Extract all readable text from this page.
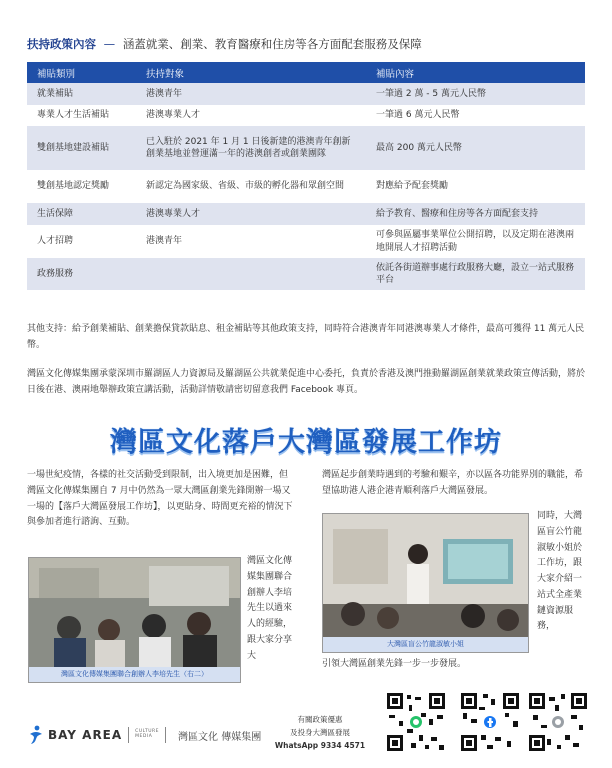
扶持政策內容 — 涵蓋就業、創業、教育醫療和住房等各方面配套服務及保障
補貼類別	扶持對象	補貼內容
就業補貼	港澳青年	一筆過 2 萬 - 5 萬元人民幣
專業人才生活補貼	港澳專業人才	一筆過 6 萬元人民幣
雙創基地建設補貼	已入駐於 2021 年 1 月 1 日後新建的港澳青年創新創業基地並營運滿一年的港澳創者或創業團隊	最高 200 萬元人民幣
雙創基地認定獎勵	新認定為國家級、省級、市級的孵化器和眾創空間	對應給予配套獎勵
生活保障	港澳專業人才	給予教育、醫療和住房等各方面配套支持
人才招聘	港澳青年	可參與區屬事業單位公開招聘，以及定期在港澳兩地開展人才招聘活動
政務服務		依託各街道辦事處行政服務大廳，設立一站式服務平台

其他支持：給予創業補貼、創業擔保貸款貼息、租金補貼等其他政策支持，同時符合港澳青年同港澳專業人才條件，最高可獲得 11 萬元人民幣。

灣區文化傳媒集團承蒙深圳市羅湖區人力資源局及羅湖區公共就業促進中心委托，負責於香港及澳門推動羅湖區創業就業政策宣傳活動，將於日後在港、澳兩地舉辦政策宣講活動，活動詳情敬請密切留意我們 Facebook 專頁。

灣區文化落戶大灣區發展工作坊

一場世紀疫情，各樣的社交活動受到限制，出入境更加是困難，但灣區文化傳媒集團自 7 月中仍然為一眾大灣區創業先鋒開辦一場又一場的【落戶大灣區發展工作坊】，以更貼身、時間更充裕的情況下與參加者進行諮詢、互動。

灣區文化傳媒集團聯合創辦人李培先生（右二）

灣區文化傳媒集團聯合創辦人李培先生以過來人的經驗，跟大家分享大

灣區起步創業時遇到的考驗和艱辛，亦以區各功能界別的職能，希望協助港人港企港青順利落戶大灣區發展。

大灣區盲公竹龍淑敏小姐

同時，大灣區盲公竹龍淑敏小姐於工作坊，跟大家介紹一站式全產業鏈資源服務，

引領大灣區創業先鋒一步一步發展。

BAY AREA	CULTURE
MEDIA	灣區文化 傳媒集團
有關政策優惠
及投身大灣區發展
WhatsApp 9334 4571
